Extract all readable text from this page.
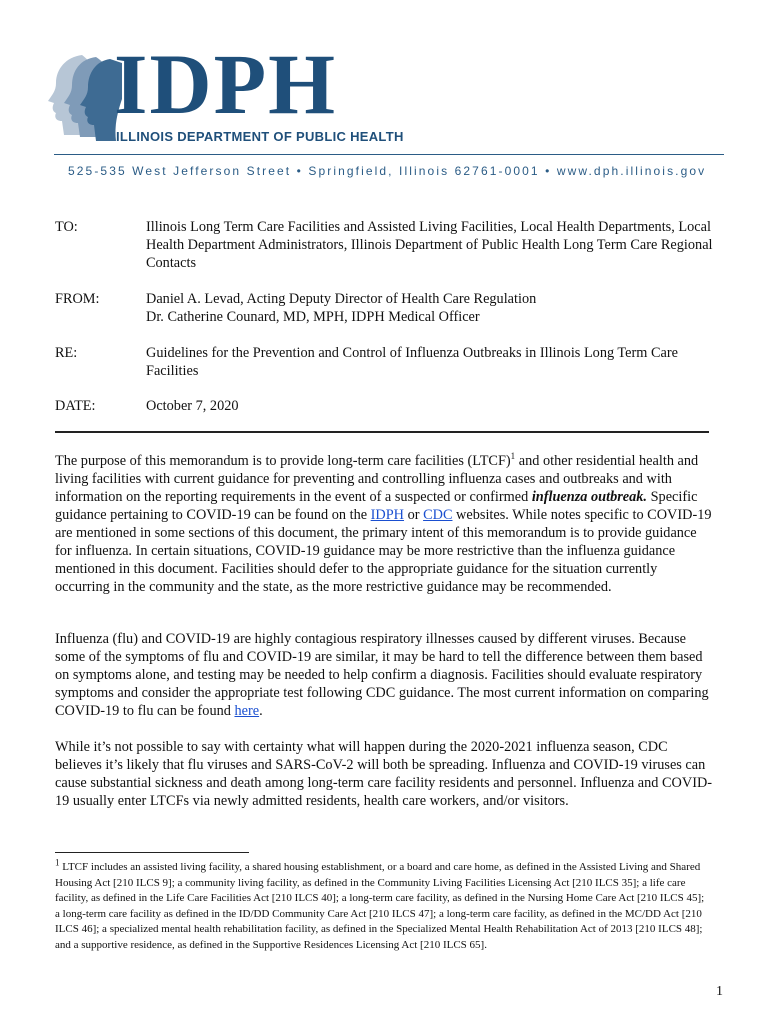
IDPH
ILLINOIS DEPARTMENT OF PUBLIC HEALTH
525-535 West Jefferson Street • Springfield, Illinois 62761-0001 • www.dph.illinois.gov
TO:	Illinois Long Term Care Facilities and Assisted Living Facilities, Local Health Departments, Local Health Department Administrators, Illinois Department of Public Health Long Term Care Regional Contacts
FROM:	Daniel A. Levad, Acting Deputy Director of Health Care Regulation
Dr. Catherine Counard, MD, MPH, IDPH Medical Officer
RE:	Guidelines for the Prevention and Control of Influenza Outbreaks in Illinois Long Term Care Facilities
DATE:	October 7, 2020
The purpose of this memorandum is to provide long-term care facilities (LTCF)$^1$ and other residential health and living facilities with current guidance for preventing and controlling influenza cases and outbreaks and with information on the reporting requirements in the event of a suspected or confirmed influenza outbreak. Specific guidance pertaining to COVID-19 can be found on the IDPH or CDC websites. While notes specific to COVID-19 are mentioned in some sections of this document, the primary intent of this memorandum is to provide guidance for influenza. In certain situations, COVID-19 guidance may be more restrictive than the influenza guidance mentioned in this document. Facilities should defer to the appropriate guidance for the situation currently occurring in the community and the state, as the more restrictive guidance may be recommended.
Influenza (flu) and COVID-19 are highly contagious respiratory illnesses caused by different viruses. Because some of the symptoms of flu and COVID-19 are similar, it may be hard to tell the difference between them based on symptoms alone, and testing may be needed to help confirm a diagnosis. Facilities should evaluate respiratory symptoms and consider the appropriate test following CDC guidance. The most current information on comparing COVID-19 to flu can be found here.
While it’s not possible to say with certainty what will happen during the 2020-2021 influenza season, CDC believes it’s likely that flu viruses and SARS-CoV-2 will both be spreading. Influenza and COVID-19 viruses can cause substantial sickness and death among long-term care facility residents and personnel. Influenza and COVID-19 usually enter LTCFs via newly admitted residents, health care workers, and/or visitors.
$^1$ LTCF includes an assisted living facility, a shared housing establishment, or a board and care home, as defined in the Assisted Living and Shared Housing Act [210 ILCS 9]; a community living facility, as defined in the Community Living Facilities Licensing Act [210 ILCS 35]; a life care facility, as defined in the Life Care Facilities Act [210 ILCS 40]; a long-term care facility, as defined in the Nursing Home Care Act [210 ILCS 45]; a long-term care facility as defined in the ID/DD Community Care Act [210 ILCS 47]; a long-term care facility, as defined in the MC/DD Act [210 ILCS 46]; a specialized mental health rehabilitation facility, as defined in the Specialized Mental Health Rehabilitation Act of 2013 [210 ILCS 48]; and a supportive residence, as defined in the Supportive Residences Licensing Act [210 ILCS 65].
1
